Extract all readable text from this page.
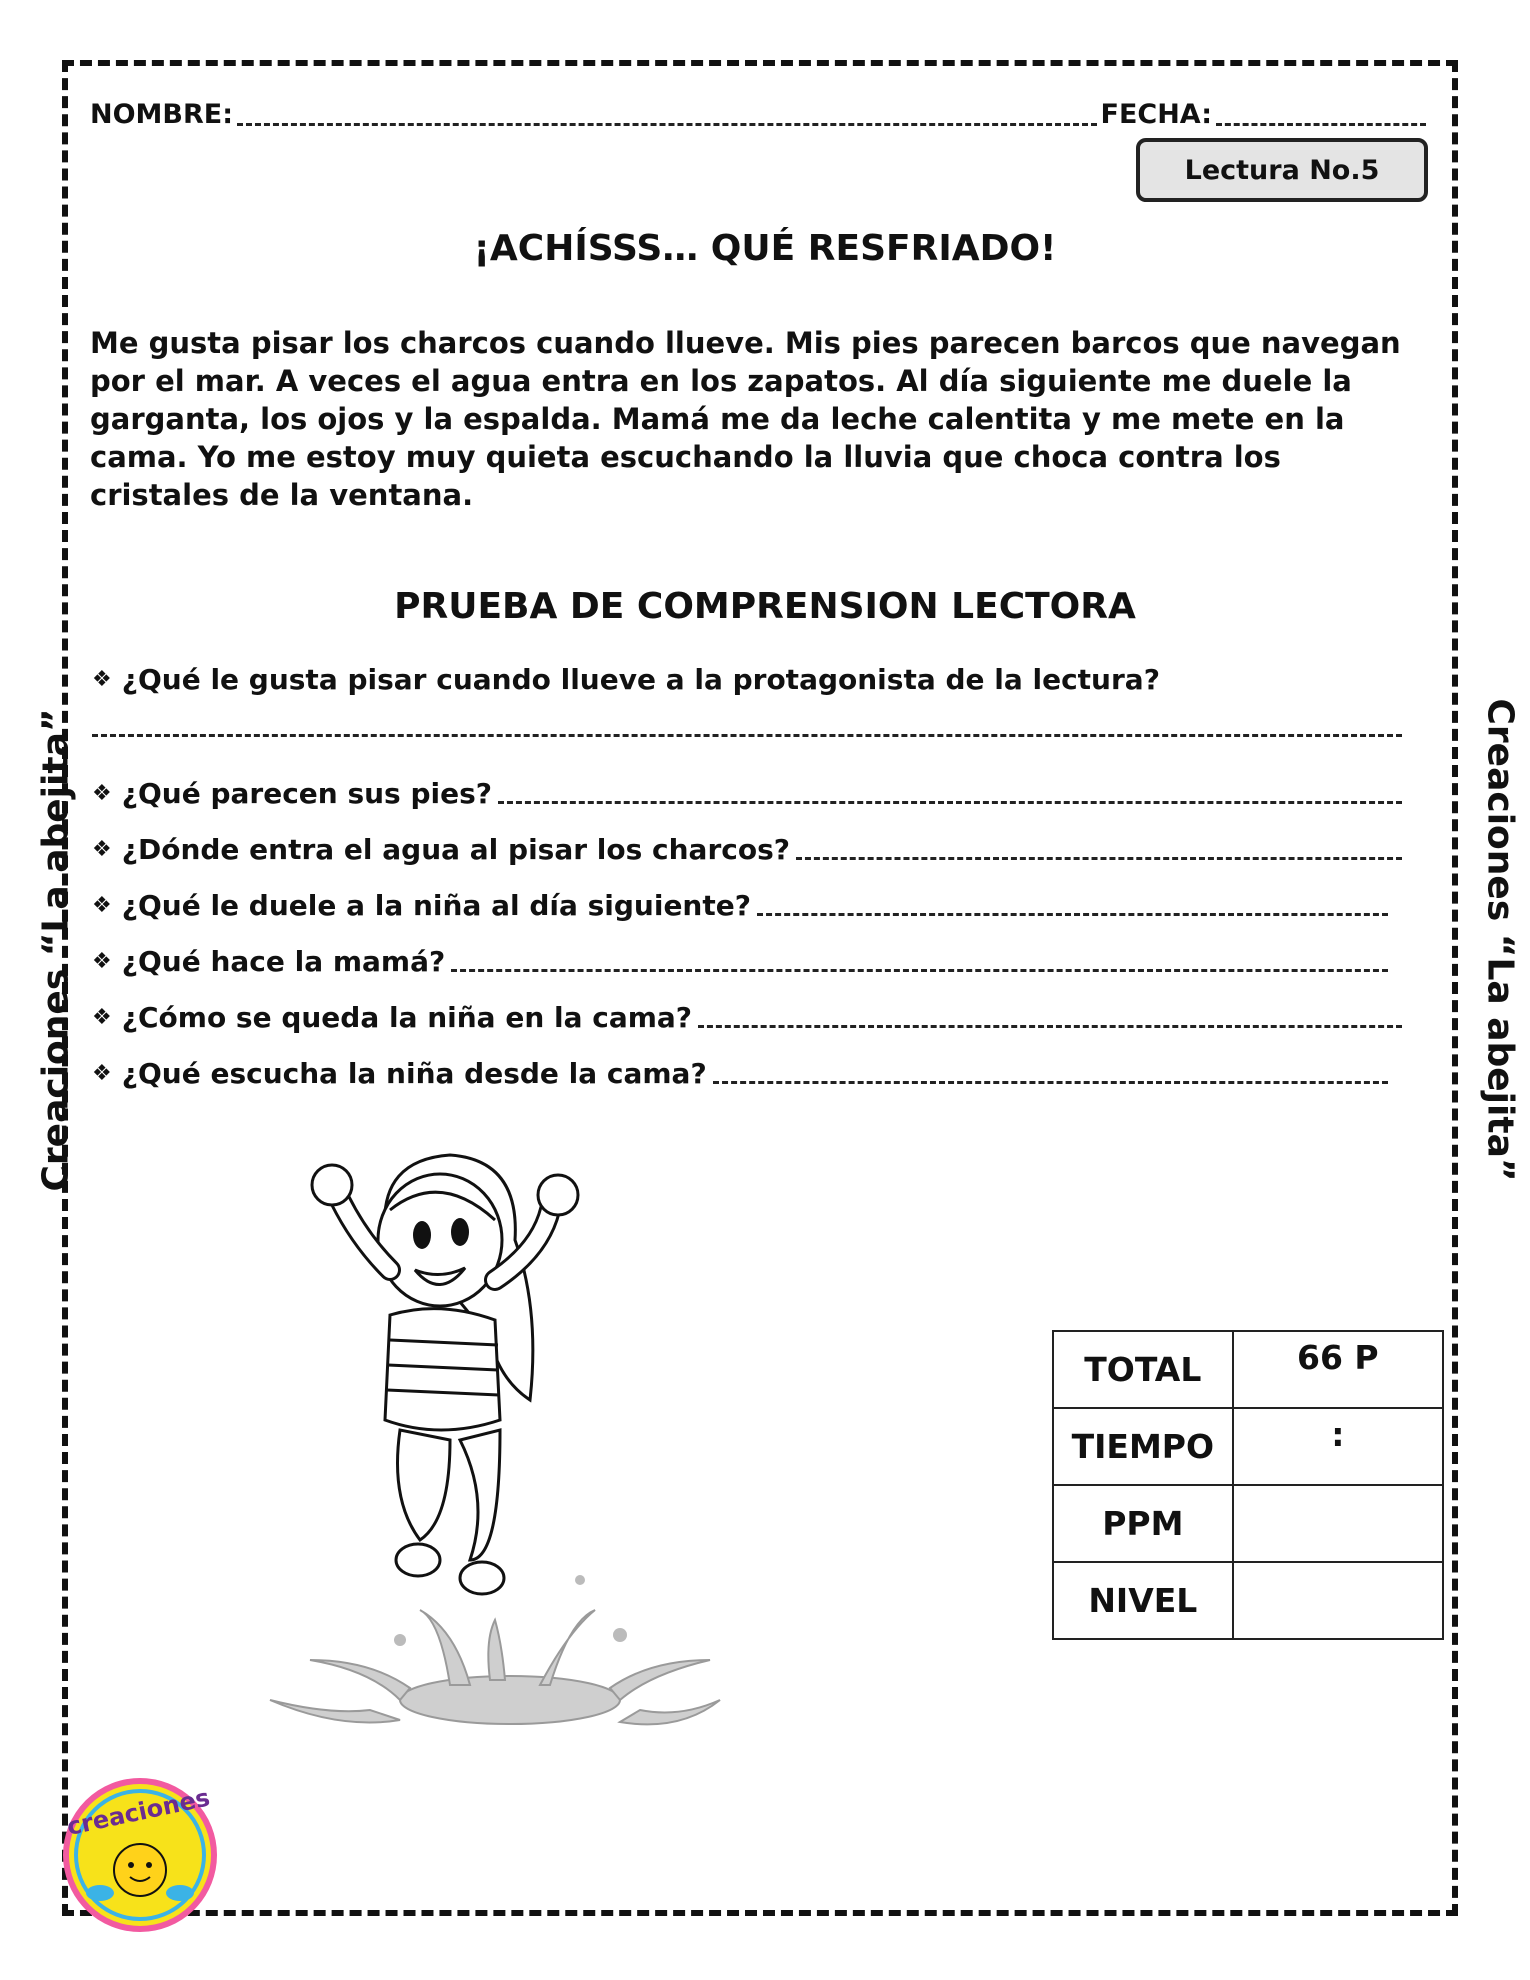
Creaciones “La abejita”	Creaciones “La abejita”
NOMBRE:	FECHA:
Lectura No.5
¡ACHÍSSS… QUÉ RESFRIADO!
Me gusta pisar los charcos cuando llueve. Mis pies parecen barcos que navegan por el mar. A veces el agua entra en los zapatos. Al día siguiente me duele la garganta, los ojos y la espalda. Mamá me da leche calentita y me mete en la cama. Yo me estoy muy quieta escuchando la lluvia que choca contra los cristales de la ventana.
PRUEBA DE COMPRENSION LECTORA
❖ ¿Qué le gusta pisar cuando llueve a la protagonista de la lectura?
❖ ¿Qué parecen sus pies?
❖ ¿Dónde entra el agua al pisar los charcos?
❖ ¿Qué le duele a la niña al día siguiente?
❖ ¿Qué hace la mamá?
❖ ¿Cómo se queda la niña en la cama?
❖ ¿Qué escucha la niña desde la cama?
TOTAL	66 P
TIEMPO	:
PPM	
NIVEL	
creaciones
